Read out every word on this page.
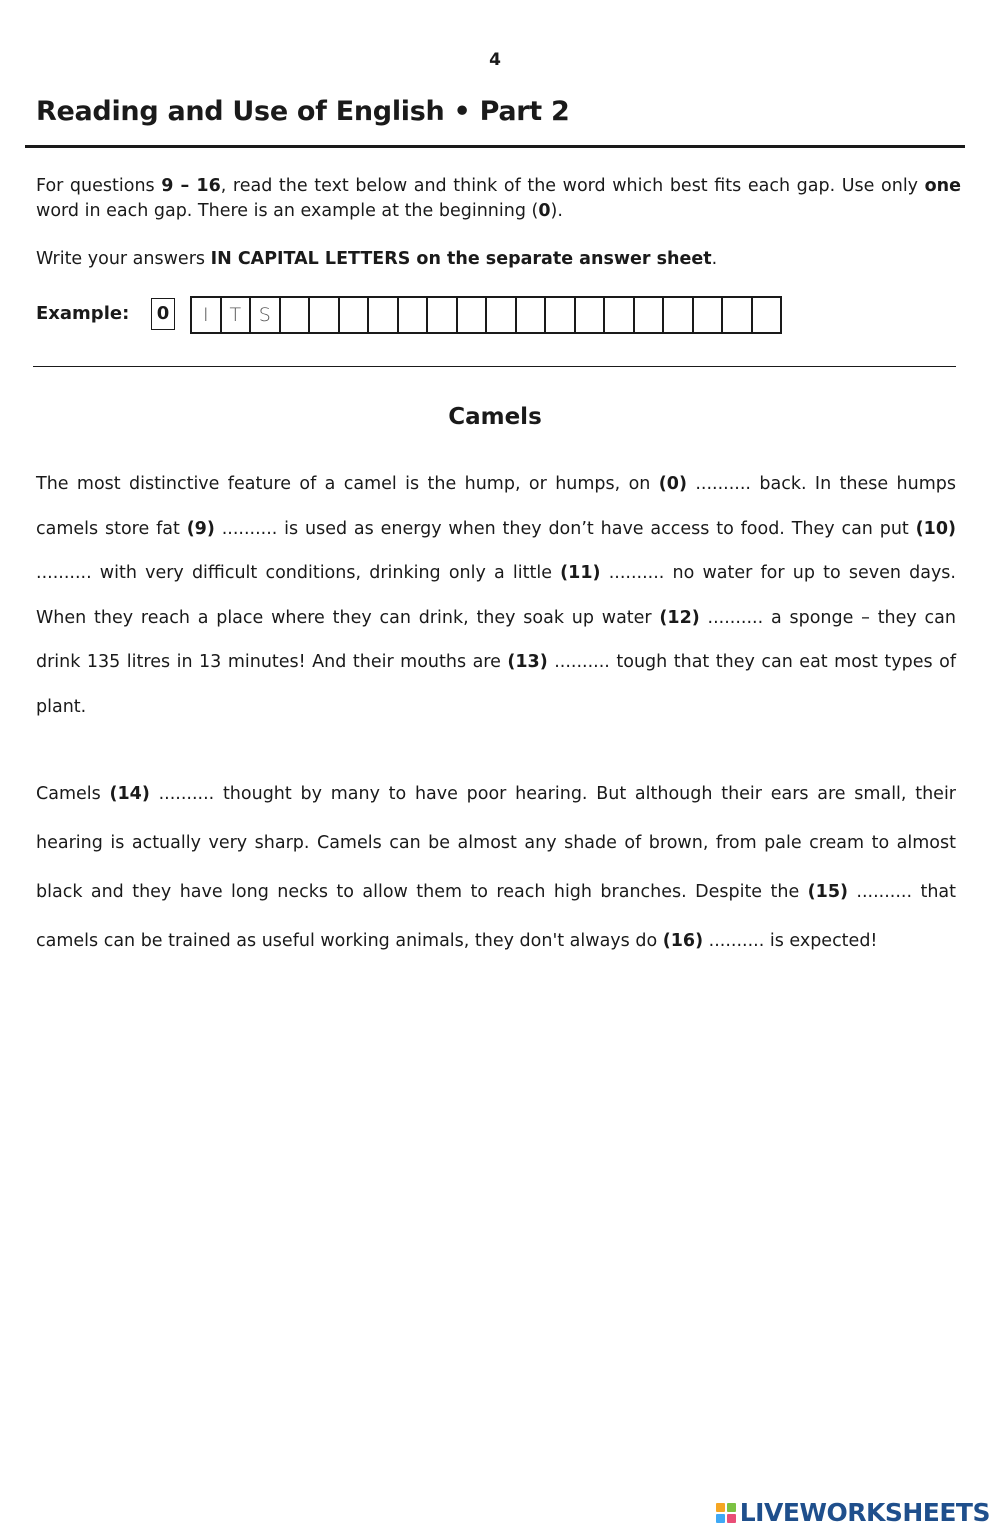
4
Reading and Use of English • Part 2
For questions 9 – 16, read the text below and think of the word which best fits each gap. Use only one word in each gap. There is an example at the beginning (0).
Write your answers IN CAPITAL LETTERS on the separate answer sheet.
Example:	0	I	T S
Camels
The most distinctive feature of a camel is the hump, or humps, on (0) .......... back. In these humps camels store fat (9) .......... is used as energy when they don’t have access to food. They can put (10) .......... with very difficult conditions, drinking only a little (11) .......... no water for up to seven days. When they reach a place where they can drink, they soak up water (12) .......... a sponge – they can drink 135 litres in 13 minutes! And their mouths are (13) .......... tough that they can eat most types of plant.
Camels (14) .......... thought by many to have poor hearing. But although their ears are small, their hearing is actually very sharp. Camels can be almost any shade of brown, from pale cream to almost black and they have long necks to allow them to reach high branches. Despite the (15) .......... that camels can be trained as useful working animals, they don't always do (16) .......... is expected!
LIVEWORKSHEETS
